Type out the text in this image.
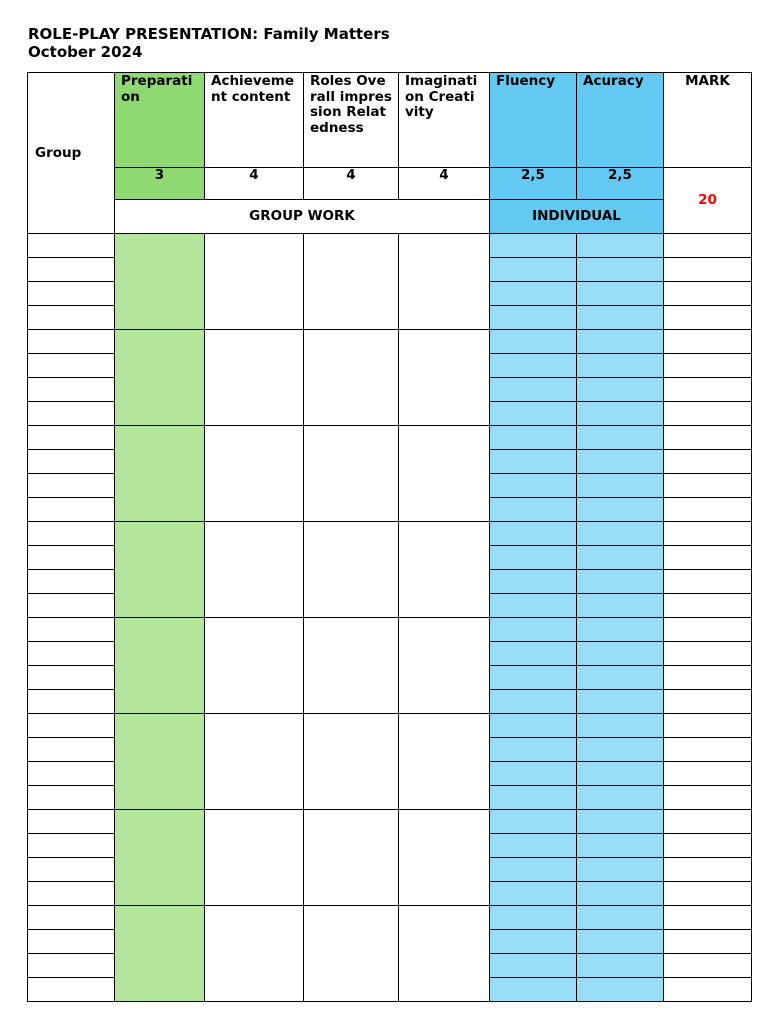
ROLE-PLAY PRESENTATION: Family Matters
October 2024
Group	Preparation	Achievement content	Roles Overall impression Relatedness	Imagination Creativity	Fluency	Acuracy	MARK
	3	4	4	4	2,5	2,5	20
	GROUP WORK				INDIVIDUAL		
